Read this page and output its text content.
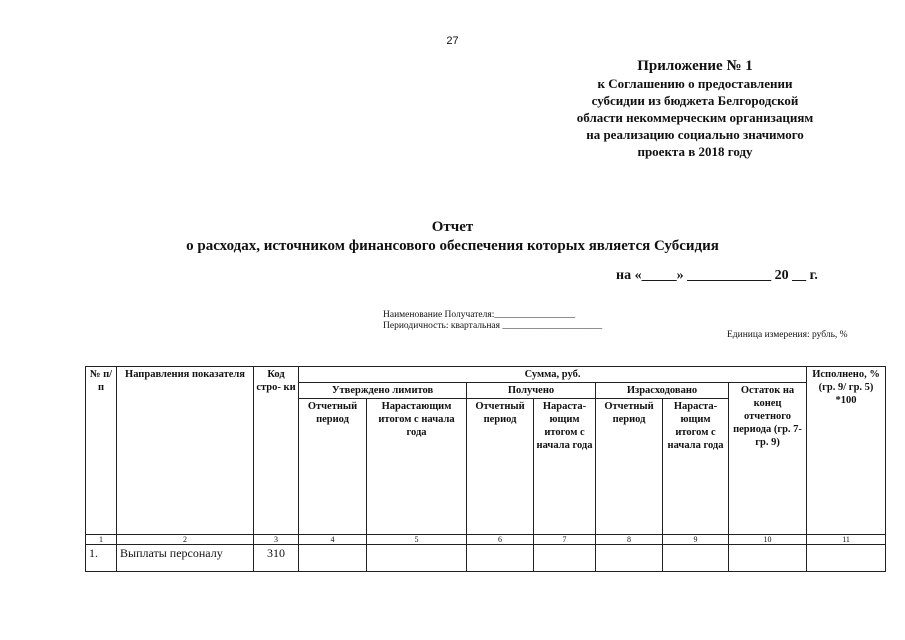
27
Приложение № 1
к Соглашению о предоставлении
субсидии из бюджета Белгородской
области некоммерческим организациям
на реализацию социально значимого
проекта в 2018 году
Отчет
о расходах, источником финансового обеспечения которых является Субсидия
на «_____» ____________ 20 __ г.
Наименование Получателя:_________________
Периодичность: квартальная _____________________
Единица измерения: рубль, %
№ п/п	Направления показателя	Код стро- ки	Сумма, руб.							Исполнено, % (гр. 9/ гр. 5) *100
			Утверждено лимитов		Получено		Израсходовано		Остаток на конец отчетного периода (гр. 7- гр. 9)	
			Отчетный период	Нарастающим итогом с начала года	Отчетный период	Нараста- ющим итогом с начала года	Отчетный период	Нараста- ющим итогом с начала года		
1	2	3	4	5	6	7	8	9	10	11
1.	Выплаты персоналу	310								
